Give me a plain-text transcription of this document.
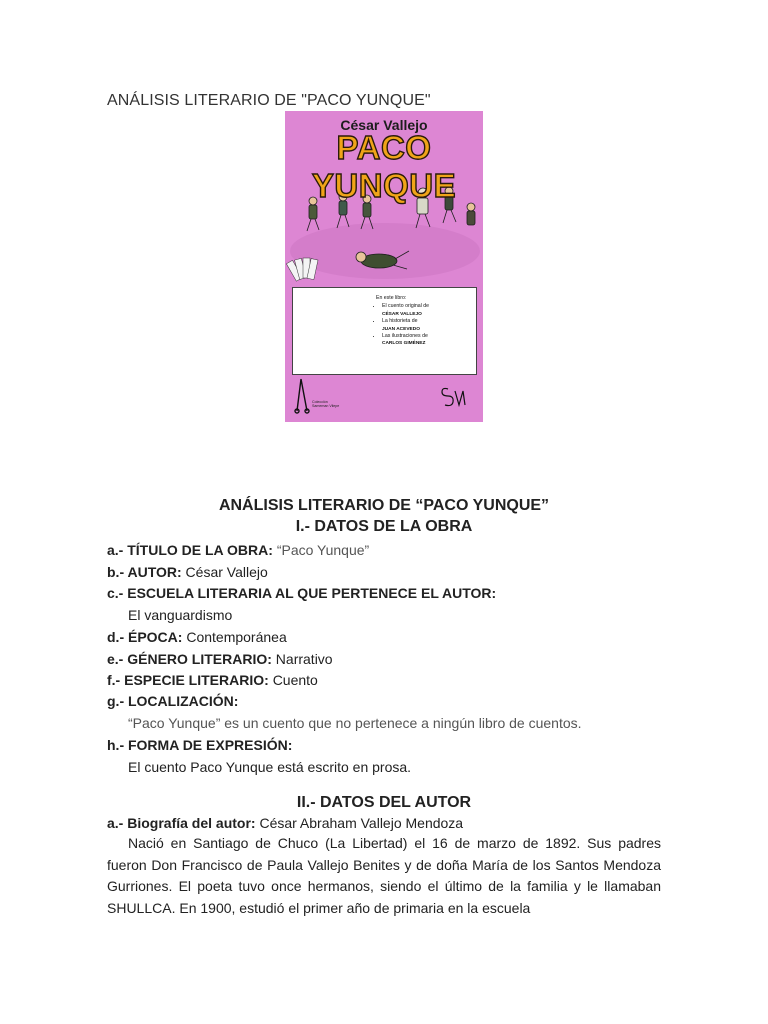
ANÁLISIS LITERARIO DE "PACO YUNQUE"
César Vallejo
PACO YUNQUE
En este libro:
• El cuento original de
CÉSAR VALLEJO
• La historieta de
JUAN ACEVEDO
• Las ilustraciones de
CARLOS GIMÉNEZ
Colección
Sameman Vilepe
ANÁLISIS LITERARIO DE “PACO YUNQUE”
I.- DATOS DE LA OBRA
a.- TÍTULO DE LA OBRA: “Paco Yunque”
b.- AUTOR: César Vallejo
c.- ESCUELA LITERARIA AL QUE PERTENECE EL AUTOR:
El vanguardismo
d.- ÉPOCA: Contemporánea
e.- GÉNERO LITERARIO: Narrativo
f.- ESPECIE LITERARIO: Cuento
g.- LOCALIZACIÓN:
“Paco Yunque” es un cuento que no pertenece a ningún libro de cuentos.
h.- FORMA DE EXPRESIÓN:
El cuento Paco Yunque está escrito en prosa.
II.- DATOS DEL AUTOR
a.- Biografía del autor: César Abraham Vallejo Mendoza
Nació en Santiago de Chuco (La Libertad) el 16 de marzo de 1892. Sus padres fueron Don Francisco de Paula Vallejo Benites y de doña María de los Santos Mendoza Gurriones. El poeta tuvo once hermanos, siendo el último de la familia y le llamaban SHULLCA. En 1900, estudió el primer año de primaria en la escuela
